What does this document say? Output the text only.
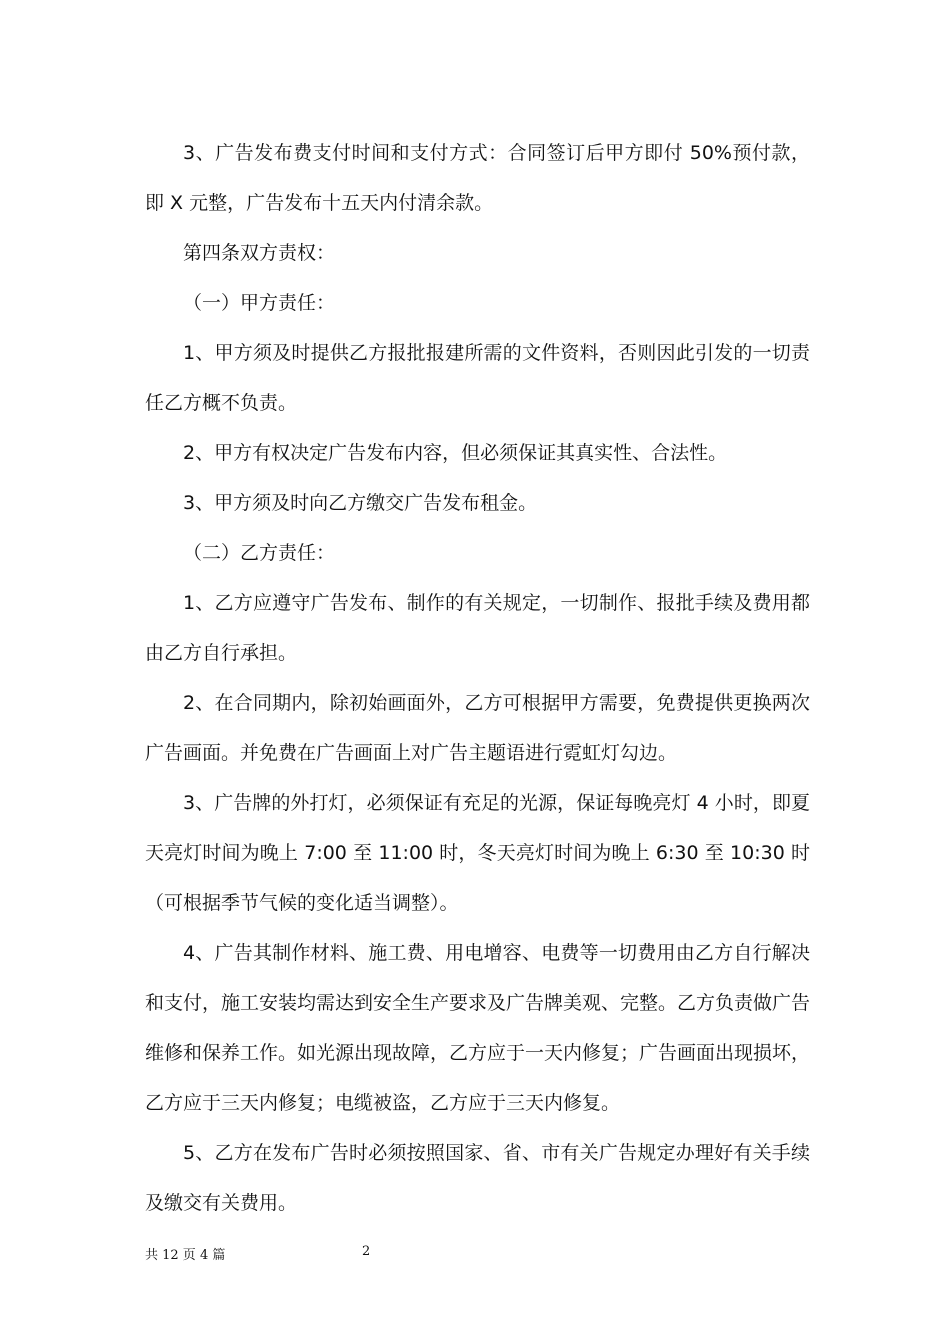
3、广告发布费支付时间和支付方式：合同签订后甲方即付 50%预付款，即 X 元整，广告发布十五天内付清余款。

第四条双方责权：

（一）甲方责任：

1、甲方须及时提供乙方报批报建所需的文件资料，否则因此引发的一切责任乙方概不负责。

2、甲方有权决定广告发布内容，但必须保证其真实性、合法性。

3、甲方须及时向乙方缴交广告发布租金。

（二）乙方责任：

1、乙方应遵守广告发布、制作的有关规定，一切制作、报批手续及费用都由乙方自行承担。

2、在合同期内，除初始画面外，乙方可根据甲方需要，免费提供更换两次广告画面。并免费在广告画面上对广告主题语进行霓虹灯勾边。

3、广告牌的外打灯，必须保证有充足的光源，保证每晚亮灯 4 小时，即夏天亮灯时间为晚上 7:00 至 11:00 时，冬天亮灯时间为晚上 6:30 至 10:30 时（可根据季节气候的变化适当调整）。

4、广告其制作材料、施工费、用电增容、电费等一切费用由乙方自行解决和支付，施工安装均需达到安全生产要求及广告牌美观、完整。乙方负责做广告维修和保养工作。如光源出现故障，乙方应于一天内修复；广告画面出现损坏，乙方应于三天内修复；电缆被盗，乙方应于三天内修复。

5、乙方在发布广告时必须按照国家、省、市有关广告规定办理好有关手续及缴交有关费用。

共 12 页 4 篇	2
